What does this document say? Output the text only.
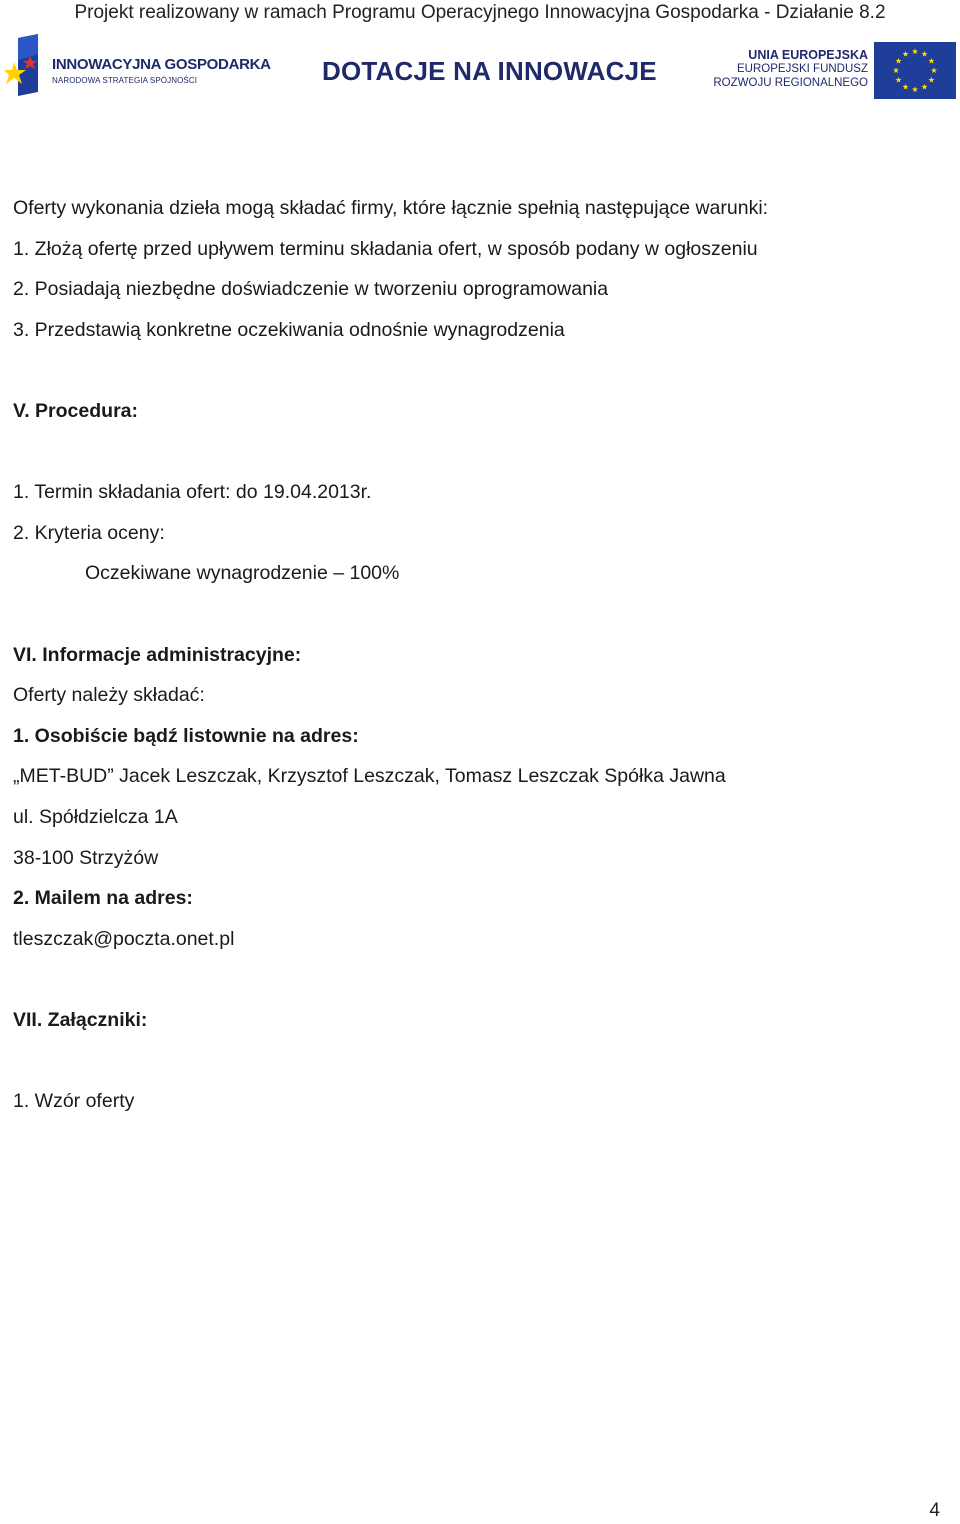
Projekt realizowany w ramach Programu Operacyjnego Innowacyjna Gospodarka - Działanie 8.2
INNOWACYJNA GOSPODARKA
NARODOWA STRATEGIA SPÓJNOŚCI	DOTACJE NA INNOWACJE
UNIA EUROPEJSKA
EUROPEJSKI FUNDUSZ
ROZWOJU REGIONALNEGO
Oferty wykonania dzieła mogą składać firmy, które łącznie spełnią następujące warunki:
1. Złożą ofertę przed upływem terminu składania ofert, w sposób podany w ogłoszeniu
2. Posiadają niezbędne doświadczenie w tworzeniu oprogramowania
3. Przedstawią konkretne oczekiwania odnośnie wynagrodzenia
V. Procedura:
1. Termin składania ofert: do 19.04.2013r.
2. Kryteria oceny:
Oczekiwane wynagrodzenie – 100%
VI. Informacje administracyjne:
Oferty należy składać:
1. Osobiście bądź listownie na adres:
„MET-BUD” Jacek Leszczak, Krzysztof Leszczak, Tomasz Leszczak Spółka Jawna
ul. Spółdzielcza 1A
38-100 Strzyżów
2. Mailem na adres:
tleszczak@poczta.onet.pl
VII. Załączniki:
1. Wzór oferty
4
